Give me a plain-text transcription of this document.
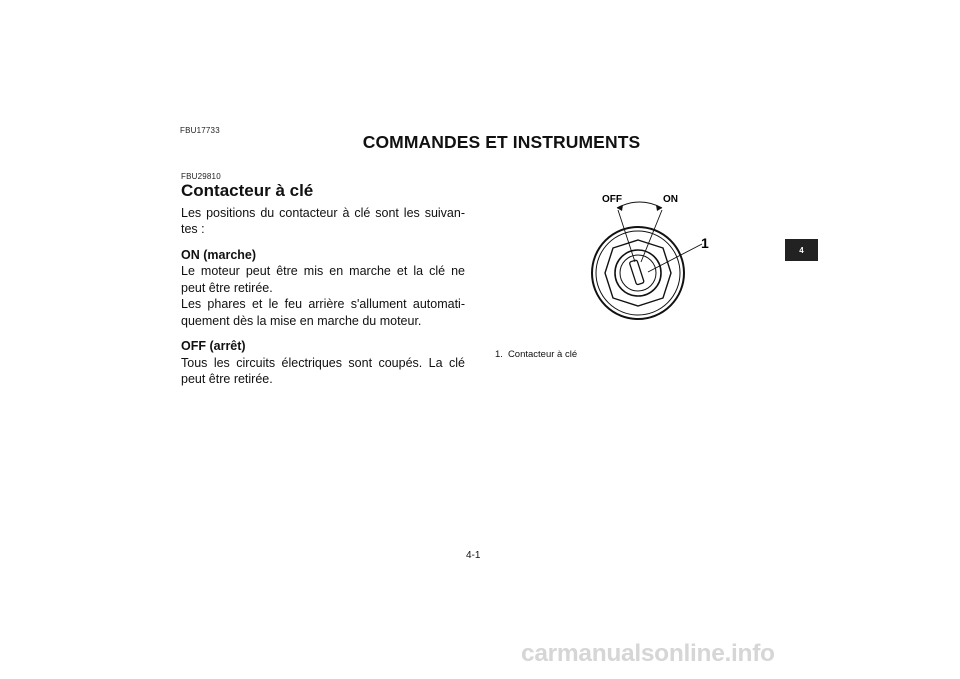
FBU17733
COMMANDES ET INSTRUMENTS
FBU29810
Contacteur à clé

Les positions du contacteur à clé sont les suivan-tes :

ON (marche)

Le moteur peut être mis en marche et la clé ne peut être retirée.

Les phares et le feu arrière s'allument automati-quement dès la mise en marche du moteur.

OFF (arrêt)

Tous les circuits électriques sont coupés. La clé peut être retirée.

OFF	ON
1
1. Contacteur à clé
4
4-1
carmanualsonline.info
